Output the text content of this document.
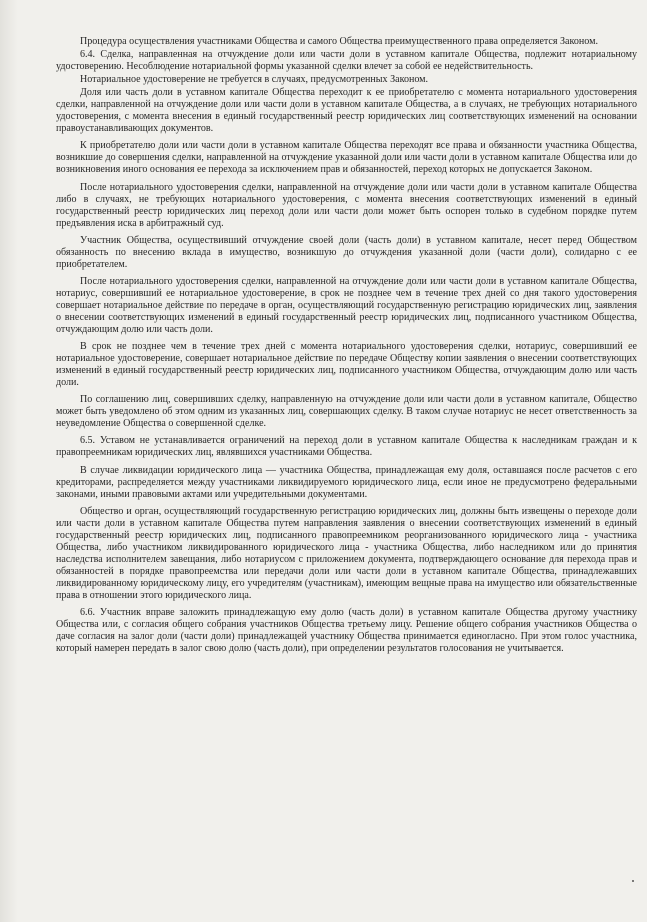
Процедура осуществления участниками Общества и самого Общества преимущественного права определяется Законом.

6.4. Сделка, направленная на отчуждение доли или части доли в уставном капитале Общества, подлежит нотариальному удостоверению. Несоблюдение нотариальной формы указанной сделки влечет за собой ее недействительность.

Нотариальное удостоверение не требуется в случаях, предусмотренных Законом.

Доля или часть доли в уставном капитале Общества переходит к ее приобретателю с момента нотариального удостоверения сделки, направленной на отчуждение доли или части доли в уставном капитале Общества, а в случаях, не требующих нотариального удостоверения, с момента внесения в единый государственный реестр юридических лиц соответствующих изменений на основании правоустанавливающих документов.

К приобретателю доли или части доли в уставном капитале Общества переходят все права и обязанности участника Общества, возникшие до совершения сделки, направленной на отчуждение указанной доли или части доли в уставном капитале Общества или до возникновения иного основания ее перехода за исключением прав и обязанностей, переход которых не допускается Законом.

После нотариального удостоверения сделки, направленной на отчуждение доли или части доли в уставном капитале Общества либо в случаях, не требующих нотариального удостоверения, с момента внесения соответствующих изменений в единый государственный реестр юридических лиц переход доли или части доли может быть оспорен только в судебном порядке путем предъявления иска в арбитражный суд.

Участник Общества, осуществивший отчуждение своей доли (часть доли) в уставном капитале, несет перед Обществом обязанность по внесению вклада в имущество, возникшую до отчуждения указанной доли (части доли), солидарно с ее приобретателем.

После нотариального удостоверения сделки, направленной на отчуждение доли или части доли в уставном капитале Общества, нотариус, совершивший ее нотариальное удостоверение, в срок не позднее чем в течение трех дней со дня такого удостоверения совершает нотариальное действие по передаче в орган, осуществляющий государственную регистрацию юридических лиц, заявления о внесении соответствующих изменений в единый государственный реестр юридических лиц, подписанного участником Общества, отчуждающим долю или часть доли.

В срок не позднее чем в течение трех дней с момента нотариального удостоверения сделки, нотариус, совершивший ее нотариальное удостоверение, совершает нотариальное действие по передаче Обществу копии заявления о внесении соответствующих изменений в единый государственный реестр юридических лиц, подписанного участником Общества, отчуждающим долю или часть доли.

По соглашению лиц, совершивших сделку, направленную на отчуждение доли или части доли в уставном капитале, Общество может быть уведомлено об этом одним из указанных лиц, совершающих сделку. В таком случае нотариус не несет ответственность за неуведомление Общества о совершенной сделке.

6.5. Уставом не устанавливается ограничений на переход доли в уставном капитале Общества к наследникам граждан и к правопреемникам юридических лиц, являвшихся участниками Общества.

В случае ликвидации юридического лица — участника Общества, принадлежащая ему доля, оставшаяся после расчетов с его кредиторами, распределяется между участниками ликвидируемого юридического лица, если иное не предусмотрено федеральными законами, иными правовыми актами или учредительными документами.

Общество и орган, осуществляющий государственную регистрацию юридических лиц, должны быть извещены о переходе доли или части доли в уставном капитале Общества путем направления заявления о внесении соответствующих изменений в единый государственный реестр юридических лиц, подписанного правопреемником реорганизованного юридического лица - участника Общества, либо участником ликвидированного юридического лица - участника Общества, либо наследником или до принятия наследства исполнителем завещания, либо нотариусом с приложением документа, подтверждающего основание для перехода прав и обязанностей в порядке правопреемства или передачи доли или части доли в уставном капитале Общества, принадлежавших ликвидированному юридическому лицу, его учредителям (участникам), имеющим вещные права на имущество или обязательственные права в отношении этого юридического лица.

6.6. Участник вправе заложить принадлежащую ему долю (часть доли) в уставном капитале Общества другому участнику Общества или, с согласия общего собрания участников Общества третьему лицу. Решение общего собрания участников Общества о даче согласия на залог доли (части доли) принадлежащей участнику Общества принимается единогласно. При этом голос участника, который намерен передать в залог свою долю (часть доли), при определении результатов голосования не учитывается.
